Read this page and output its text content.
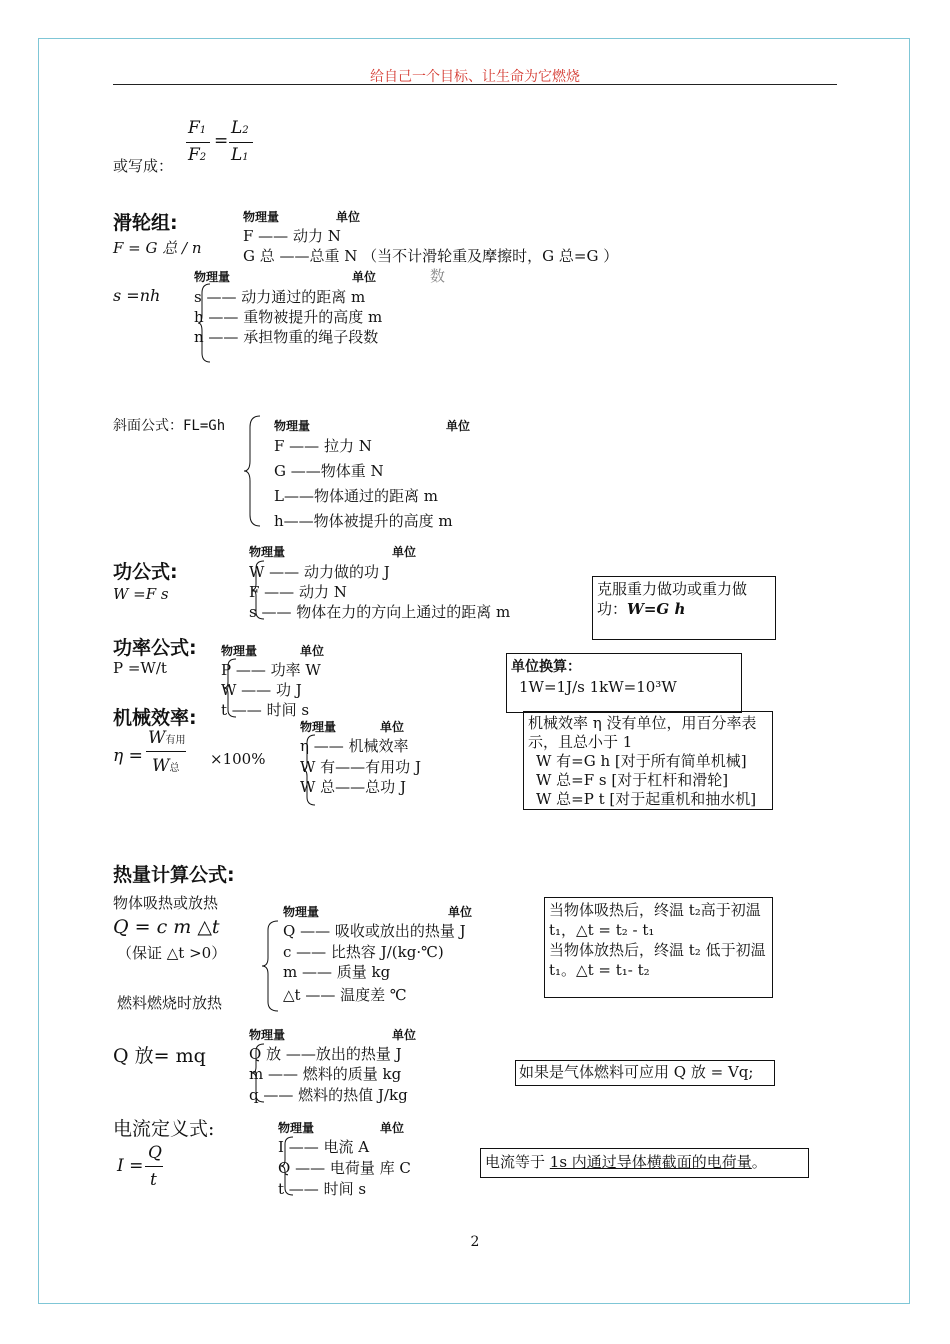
给自己一个目标、让生命为它燃烧
或写成：
F1
F2
=
L2
L1
滑轮组:
F = G 总 / n
物理量	单位
F —— 动力 N
G 总 ——总重 N （当不计滑轮重及摩擦时，G 总=G ）
数
s =nh
物理量	单位
s —— 动力通过的距离 m
h —— 重物被提升的高度 m
n —— 承担物重的绳子段数
斜面公式：FL=Gh	物理量	单位
F —— 拉力 N
G ——物体重 N
L——物体通过的距离 m
h——物体被提升的高度 m
功公式:
W =F s
物理量	单位
W —— 动力做的功 J
F —— 动力 N
s —— 物体在力的方向上通过的距离 m
克服重力做功或重力做功：W=G h
功率公式:
P =W/t
物理量	单位
P —— 功率 W
W —— 功 J
t —— 时间 s
单位换算：
1W=1J/s 1kW=10³W
机械效率:
η =
W有用
W总
×100%
物理量	单位
η —— 机械效率
W 有——有用功 J
W 总——总功 J
机械效率 η 没有单位，用百分率表示，且总小于 1
W 有=G h [对于所有简单机械]
W 总=F s [对于杠杆和滑轮]
W 总=P t [对于起重机和抽水机]
热量计算公式:
物体吸热或放热
Q = c m △t
（保证 △t >0）
燃料燃烧时放热
物理量	单位
Q —— 吸收或放出的热量 J
c —— 比热容 J/(kg·℃)
m —— 质量 kg
△t —— 温度差 ℃
当物体吸热后，终温 t₂高于初温 t₁，△t = t₂ - t₁
当物体放热后，终温 t₂ 低于初温 t₁。△t = t₁- t₂
Q 放= mq
物理量	单位
Q 放 ——放出的热量 J
m —— 燃料的质量 kg
q —— 燃料的热值 J/kg
如果是气体燃料可应用 Q 放 = Vq;
电流定义式:
I =
Q
t
物理量	单位
I —— 电流 A
Q —— 电荷量 库 C
t —— 时间 s
电流等于 1s 内通过导体横截面的电荷量。
2
